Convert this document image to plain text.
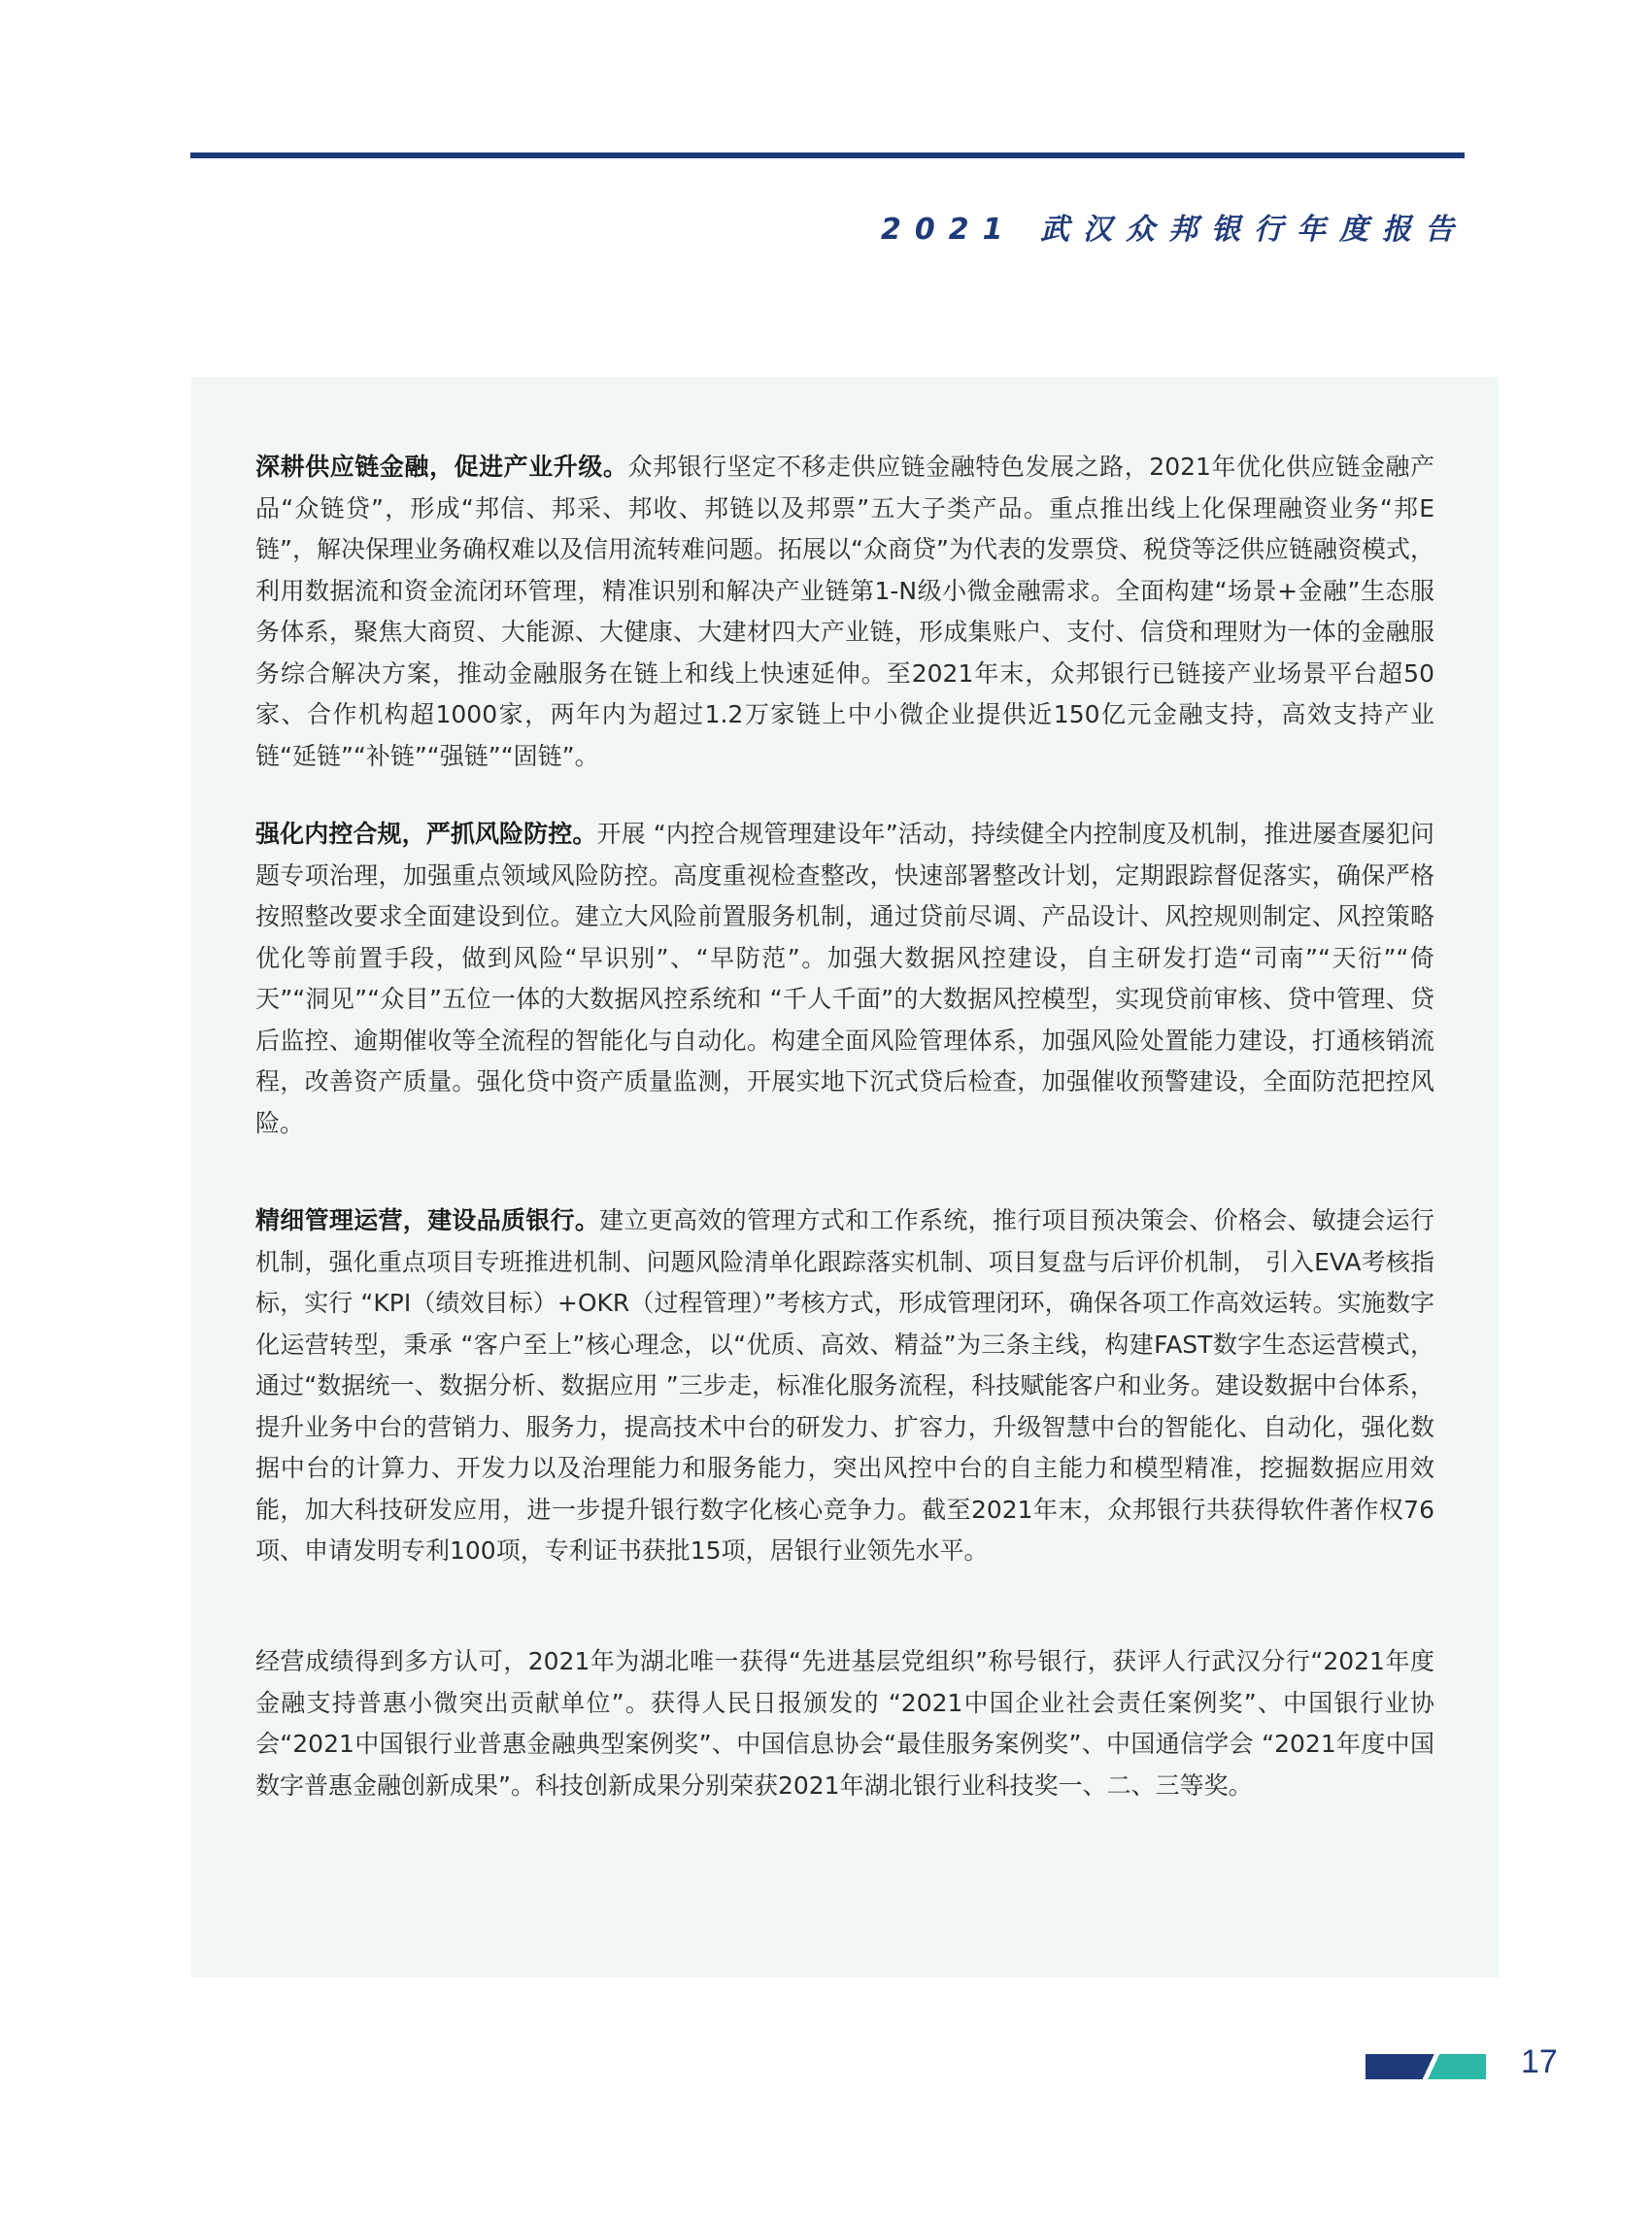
2021 武汉众邦银行年度报告
深耕供应链金融，促进产业升级。众邦银行坚定不移走供应链金融特色发展之路，2021年优化供应链金融产品“众链贷”，形成“邦信、邦采、邦收、邦链以及邦票”五大子类产品。重点推出线上化保理融资业务“邦E链”，解决保理业务确权难以及信用流转难问题。拓展以“众商贷”为代表的发票贷、税贷等泛供应链融资模式，利用数据流和资金流闭环管理，精准识别和解决产业链第1-N级小微金融需求。全面构建“场景+金融”生态服务体系，聚焦大商贸、大能源、大健康、大建材四大产业链，形成集账户、支付、信贷和理财为一体的金融服务综合解决方案，推动金融服务在链上和线上快速延伸。至2021年末，众邦银行已链接产业场景平台超50家、合作机构超1000家，两年内为超过1.2万家链上中小微企业提供近150亿元金融支持，高效支持产业链“延链”“补链”“强链”“固链”。
强化内控合规，严抓风险防控。开展 “内控合规管理建设年”活动，持续健全内控制度及机制，推进屡查屡犯问题专项治理，加强重点领域风险防控。高度重视检查整改，快速部署整改计划，定期跟踪督促落实，确保严格按照整改要求全面建设到位。建立大风险前置服务机制，通过贷前尽调、产品设计、风控规则制定、风控策略优化等前置手段，做到风险“早识别”、“早防范”。加强大数据风控建设，自主研发打造“司南”“天衍”“倚天”“洞见”“众目”五位一体的大数据风控系统和 “千人千面”的大数据风控模型，实现贷前审核、贷中管理、贷后监控、逾期催收等全流程的智能化与自动化。构建全面风险管理体系，加强风险处置能力建设，打通核销流程，改善资产质量。强化贷中资产质量监测，开展实地下沉式贷后检查，加强催收预警建设，全面防范把控风险。
精细管理运营，建设品质银行。建立更高效的管理方式和工作系统，推行项目预决策会、价格会、敏捷会运行机制，强化重点项目专班推进机制、问题风险清单化跟踪落实机制、项目复盘与后评价机制， 引入EVA考核指标，实行 “KPI（绩效目标）+OKR（过程管理）”考核方式，形成管理闭环，确保各项工作高效运转。实施数字化运营转型，秉承 “客户至上”核心理念，以“优质、高效、精益”为三条主线，构建FAST数字生态运营模式，通过“数据统一、数据分析、数据应用 ”三步走，标准化服务流程，科技赋能客户和业务。建设数据中台体系，提升业务中台的营销力、服务力，提高技术中台的研发力、扩容力，升级智慧中台的智能化、自动化，强化数据中台的计算力、开发力以及治理能力和服务能力，突出风控中台的自主能力和模型精准，挖掘数据应用效能，加大科技研发应用，进一步提升银行数字化核心竞争力。截至2021年末，众邦银行共获得软件著作权76项、申请发明专利100项，专利证书获批15项，居银行业领先水平。
经营成绩得到多方认可，2021年为湖北唯一获得“先进基层党组织”称号银行，获评人行武汉分行“2021年度金融支持普惠小微突出贡献单位”。获得人民日报颁发的 “2021中国企业社会责任案例奖”、中国银行业协会“2021中国银行业普惠金融典型案例奖”、中国信息协会“最佳服务案例奖”、中国通信学会 “2021年度中国数字普惠金融创新成果”。科技创新成果分别荣获2021年湖北银行业科技奖一、二、三等奖。
17
